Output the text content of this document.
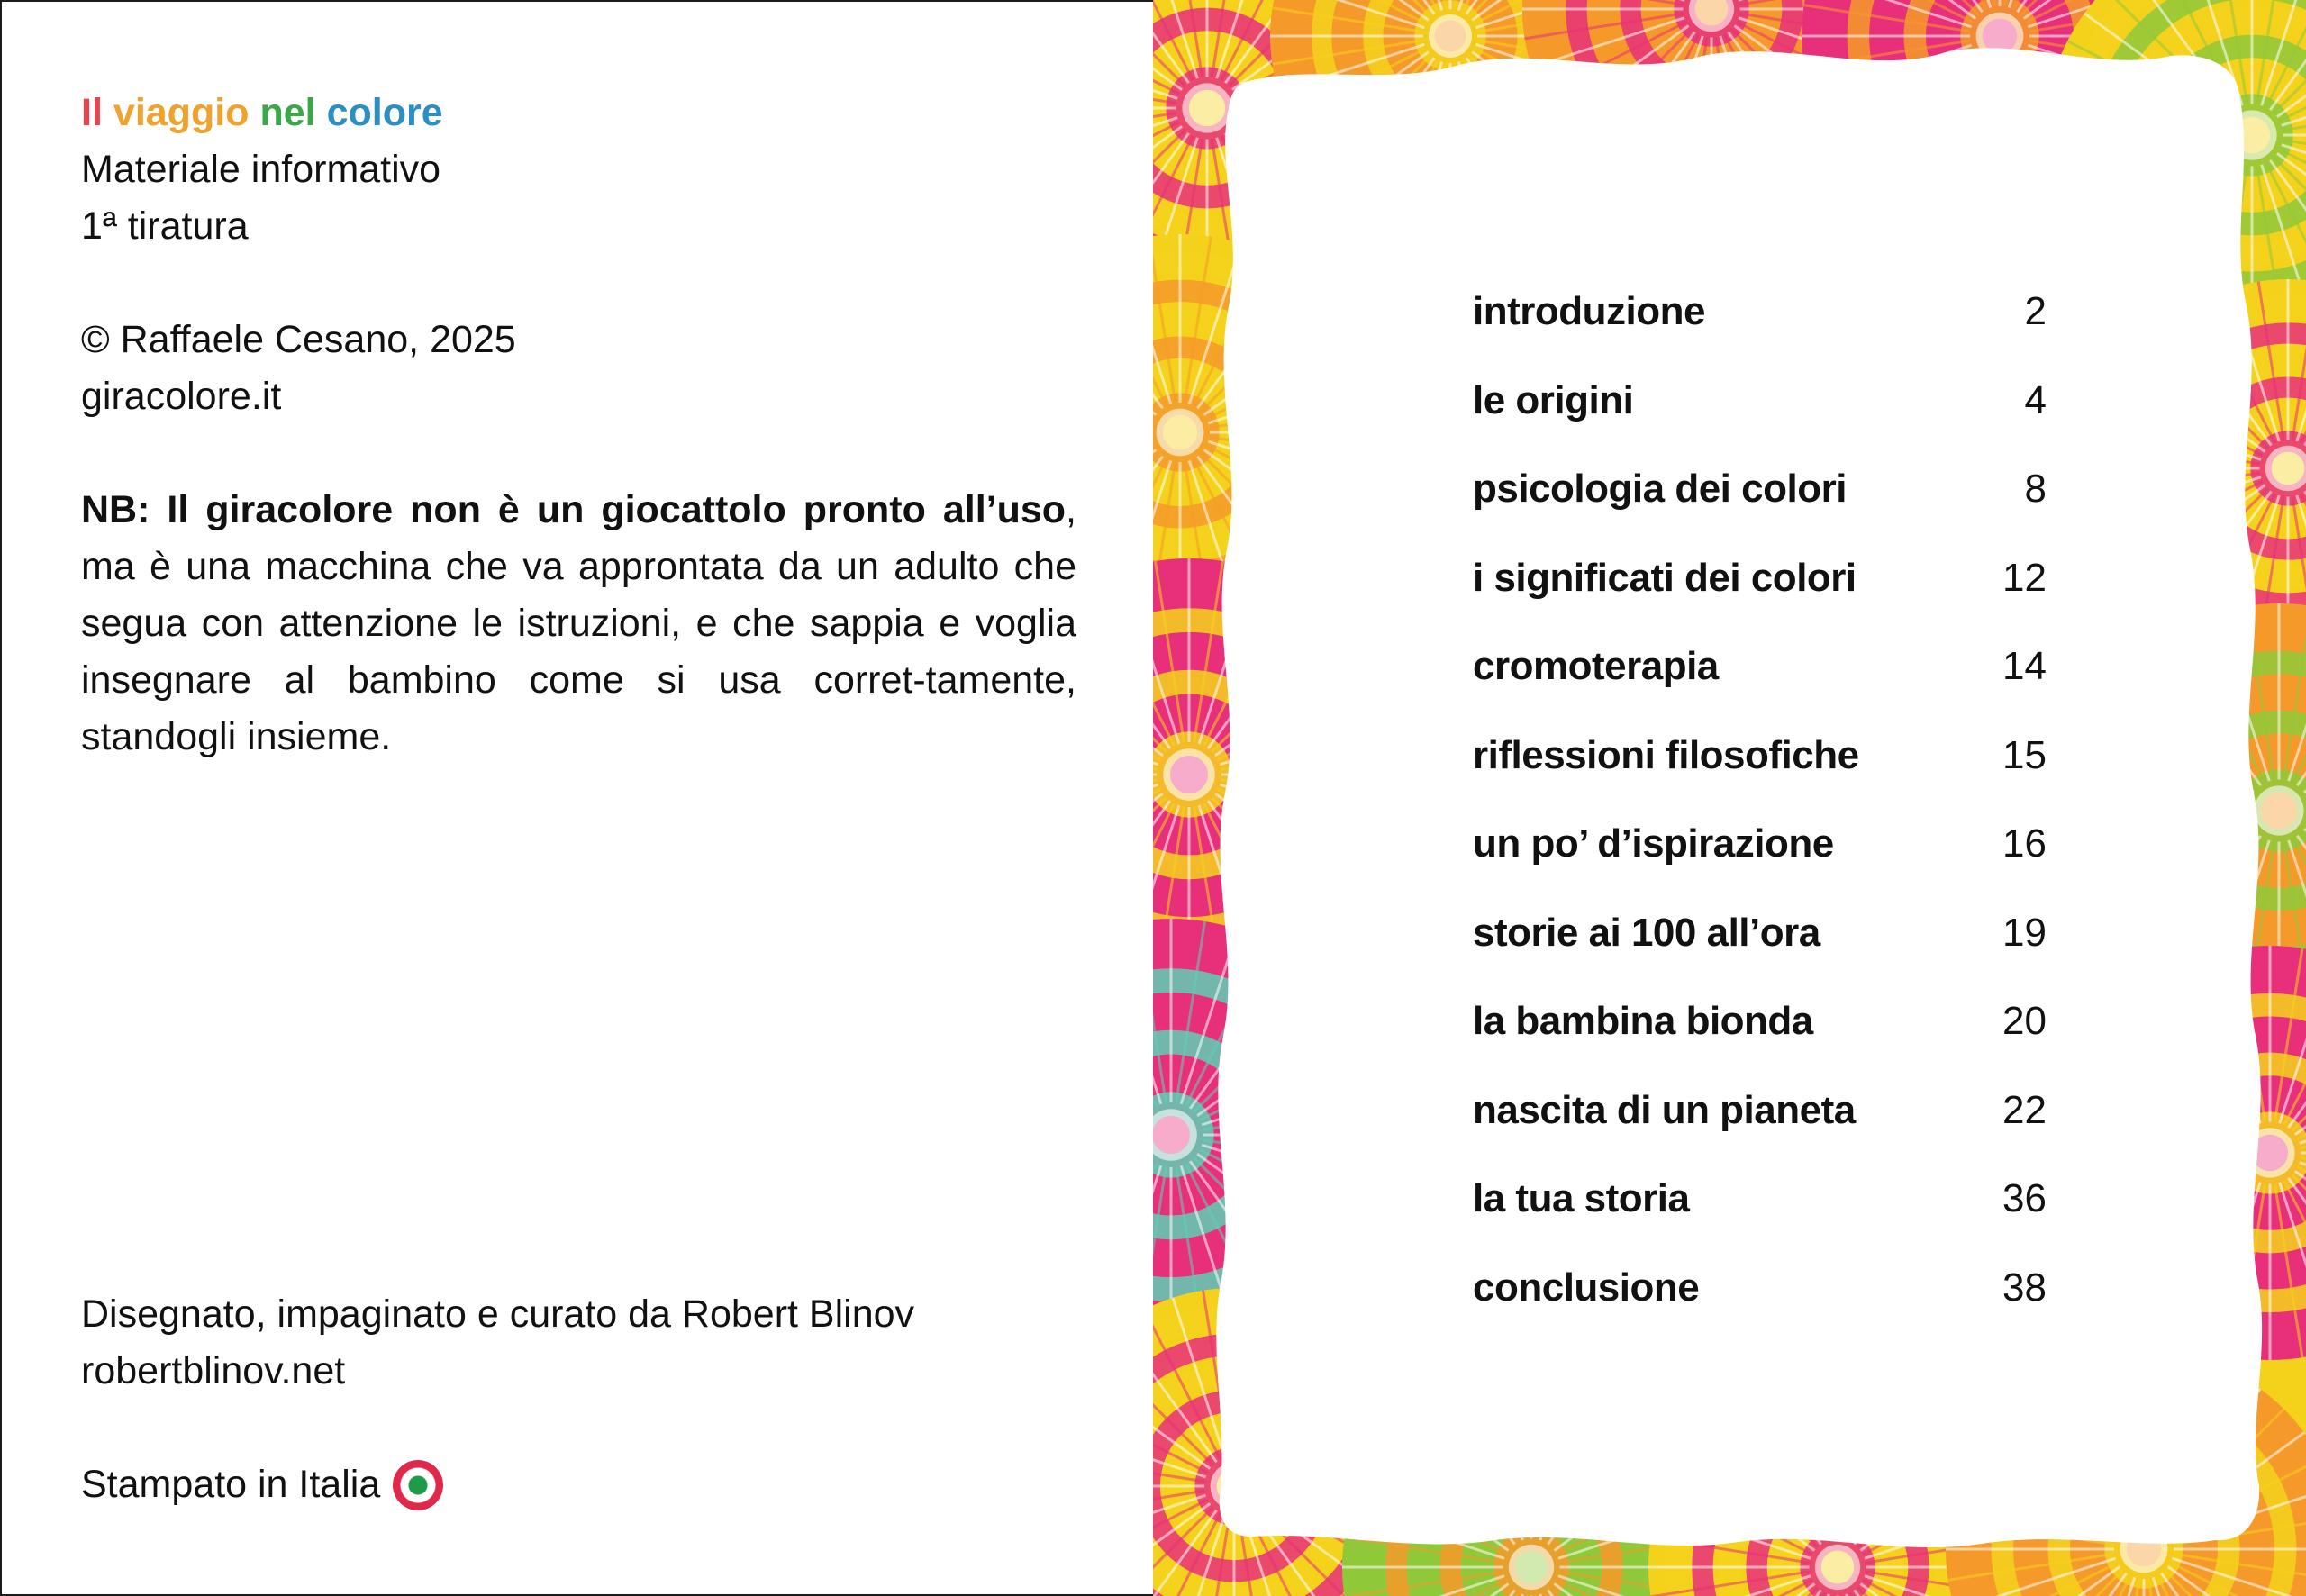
Il viaggio nel colore
Materiale informativo
1ª tiratura
© Raffaele Cesano, 2025
giracolore.it
NB: Il giracolore non è un giocattolo pronto all’uso, ma è una macchina che va approntata da un adulto che segua con attenzione le istruzioni, e che sappia e voglia insegnare al bambino come si usa corret-tamente, standogli insieme.
Disegnato, impaginato e curato da Robert Blinov
robertblinov.net
Stampato in Italia
introduzione	2
le origini	4
psicologia dei colori	8
i significati dei colori	12
cromoterapia	14
riflessioni filosofiche	15
un po’ d’ispirazione	16
storie ai 100 all’ora	19
la bambina bionda	20
nascita di un pianeta	22
la tua storia	36
conclusione	38
